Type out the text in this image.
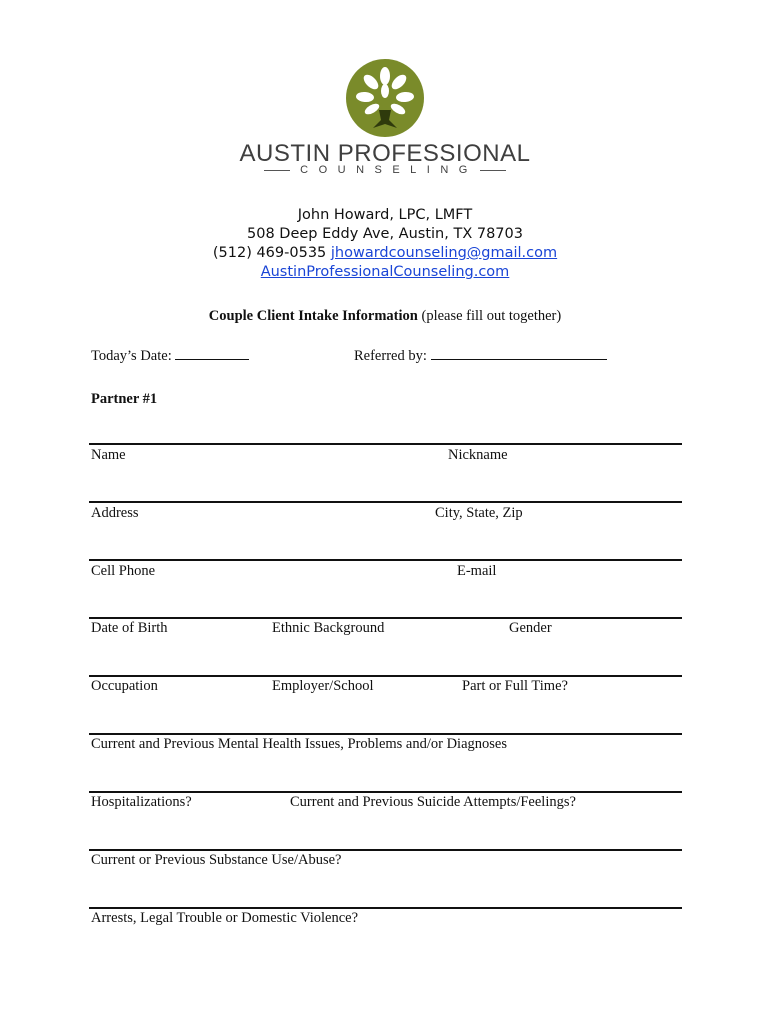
AUSTIN PROFESSIONAL
COUNSELING
John Howard, LPC, LMFT
508 Deep Eddy Ave, Austin, TX 78703
(512) 469-0535 jhowardcounseling@gmail.com
AustinProfessionalCounseling.com
Couple Client Intake Information (please fill out together)
Today’s Date:	Referred by:
Partner #1
Name	Nickname
Address	City, State, Zip
Cell Phone	E-mail
Date of Birth	Ethnic Background	Gender
Occupation	Employer/School	Part or Full Time?
Current and Previous Mental Health Issues, Problems and/or Diagnoses
Hospitalizations?	Current and Previous Suicide Attempts/Feelings?
Current or Previous Substance Use/Abuse?
Arrests, Legal Trouble or Domestic Violence?
